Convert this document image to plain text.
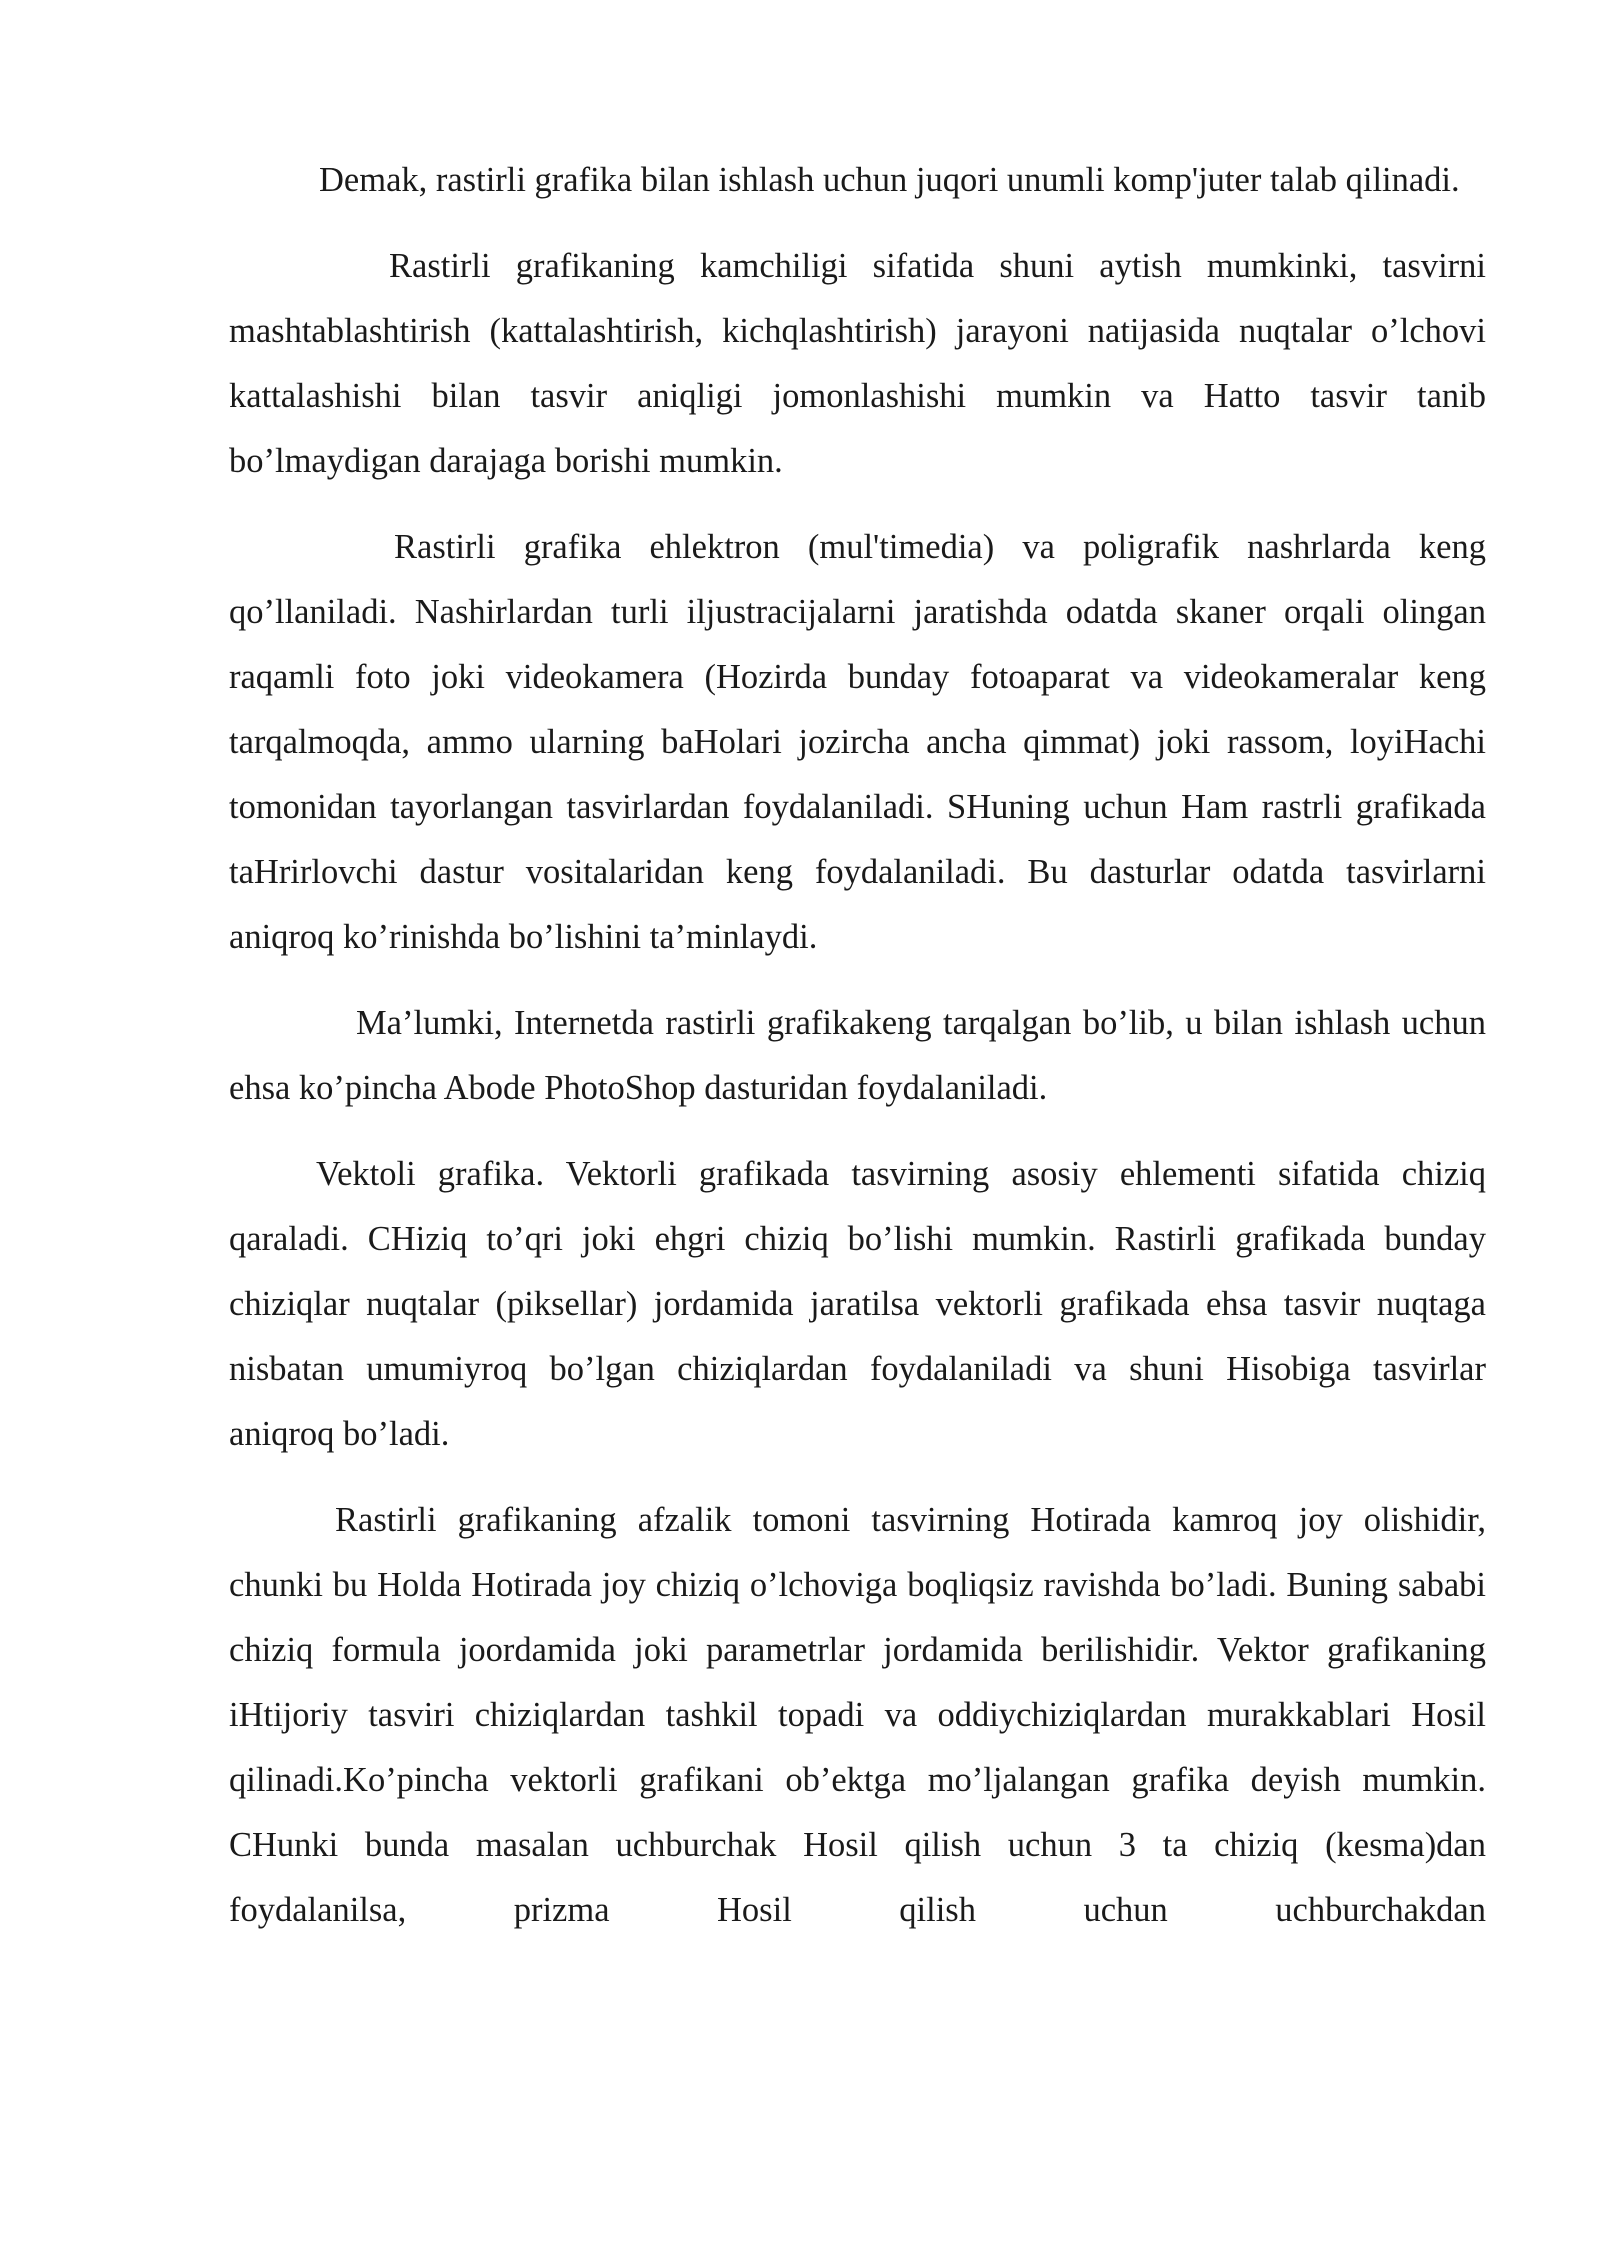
Demak, rastirli grafika bilan ishlash uchun juqori unumli komp'juter talab qilinadi.

Rastirli grafikaning kamchiligi sifatida shuni aytish mumkinki, tasvirni mashtablashtirish (kattalashtirish, kichqlashtirish) jarayoni natijasida nuqtalar o’lchovi kattalashishi bilan tasvir aniqligi jomonlashishi mumkin va Hatto tasvir tanib bo’lmaydigan darajaga borishi mumkin.

Rastirli grafika ehlektron (mul'timedia) va poligrafik nashrlarda keng qo’llaniladi. Nashirlardan turli iljustracijalarni jaratishda odatda skaner orqali olingan raqamli foto joki videokamera (Hozirda bunday fotoaparat va videokameralar keng tarqalmoqda, ammo ularning baHolari jozircha ancha qimmat) joki rassom, loyiHachi tomonidan tayorlangan tasvirlardan foydalaniladi. SHuning uchun Ham rastrli grafikada taHrirlovchi dastur vositalaridan keng foydalaniladi. Bu dasturlar odatda tasvirlarni aniqroq ko’rinishda bo’lishini ta’minlaydi.

Ma’lumki, Internetda rastirli grafikakeng tarqalgan bo’lib, u bilan ishlash uchun ehsa ko’pincha Abode PhotoShop dasturidan foydalaniladi.

Vektoli grafika. Vektorli grafikada tasvirning asosiy ehlementi sifatida chiziq qaraladi. CHiziq to’qri joki ehgri chiziq bo’lishi mumkin. Rastirli grafikada bunday chiziqlar nuqtalar (piksellar) jordamida jaratilsa vektorli grafikada ehsa tasvir nuqtaga nisbatan umumiyroq bo’lgan chiziqlardan foydalaniladi va shuni Hisobiga tasvirlar aniqroq bo’ladi.

Rastirli grafikaning afzalik tomoni tasvirning Hotirada kamroq joy olishidir, chunki bu Holda Hotirada joy chiziq o’lchoviga boqliqsiz ravishda bo’ladi. Buning sababi chiziq formula joordamida joki parametrlar jordamida berilishidir. Vektor grafikaning iHtijoriy tasviri chiziqlardan tashkil topadi va oddiychiziqlardan murakkablari Hosil qilinadi.Ko’pincha vektorli grafikani ob’ektga mo’ljalangan grafika deyish mumkin. CHunki bunda masalan uchburchak Hosil qilish uchun 3 ta chiziq (kesma)dan foydalanilsa, prizma Hosil qilish uchun uchburchakdan
